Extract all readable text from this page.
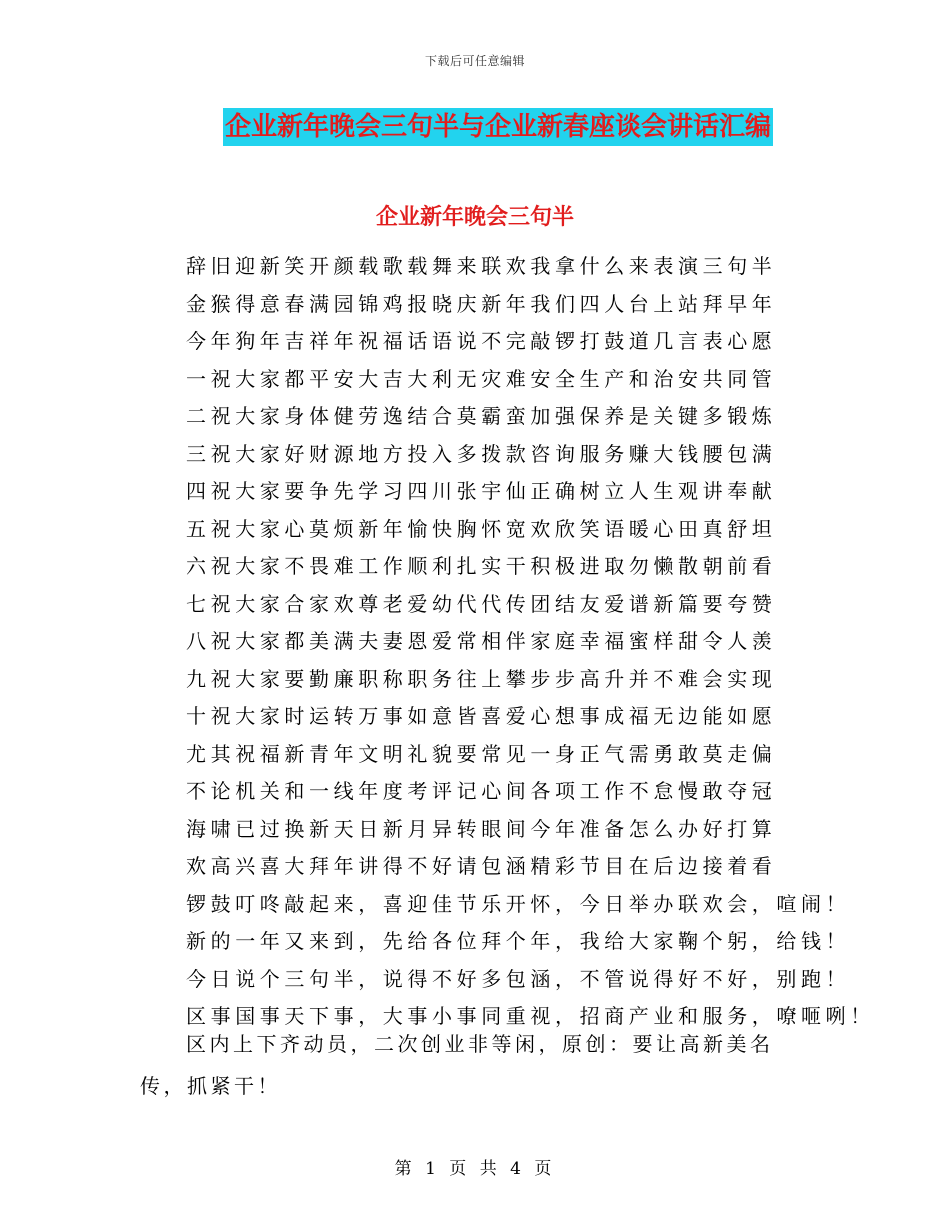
下载后可任意编辑
企业新年晚会三句半与企业新春座谈会讲话汇编
企业新年晚会三句半
辞旧迎新笑开颜载歌载舞来联欢我拿什么来表演三句半
金猴得意春满园锦鸡报晓庆新年我们四人台上站拜早年
今年狗年吉祥年祝福话语说不完敲锣打鼓道几言表心愿
一祝大家都平安大吉大利无灾难安全生产和治安共同管
二祝大家身体健劳逸结合莫霸蛮加强保养是关键多锻炼
三祝大家好财源地方投入多拨款咨询服务赚大钱腰包满
四祝大家要争先学习四川张宇仙正确树立人生观讲奉献
五祝大家心莫烦新年愉快胸怀宽欢欣笑语暖心田真舒坦
六祝大家不畏难工作顺利扎实干积极进取勿懒散朝前看
七祝大家合家欢尊老爱幼代代传团结友爱谱新篇要夸赞
八祝大家都美满夫妻恩爱常相伴家庭幸福蜜样甜令人羡
九祝大家要勤廉职称职务往上攀步步高升并不难会实现
十祝大家时运转万事如意皆喜爱心想事成福无边能如愿
尤其祝福新青年文明礼貌要常见一身正气需勇敢莫走偏
不论机关和一线年度考评记心间各项工作不怠慢敢夺冠
海啸已过换新天日新月异转眼间今年准备怎么办好打算
欢高兴喜大拜年讲得不好请包涵精彩节目在后边接着看
锣鼓叮咚敲起来，喜迎佳节乐开怀，今日举办联欢会，喧闹！
新的一年又来到，先给各位拜个年，我给大家鞠个躬，给钱！
今日说个三句半，说得不好多包涵，不管说得好不好，别跑！
区事国事天下事，大事小事同重视，招商产业和服务，嘹咂咧！
区内上下齐动员，二次创业非等闲，原创：要让高新美名传，抓紧干！
第 1 页 共 4 页
